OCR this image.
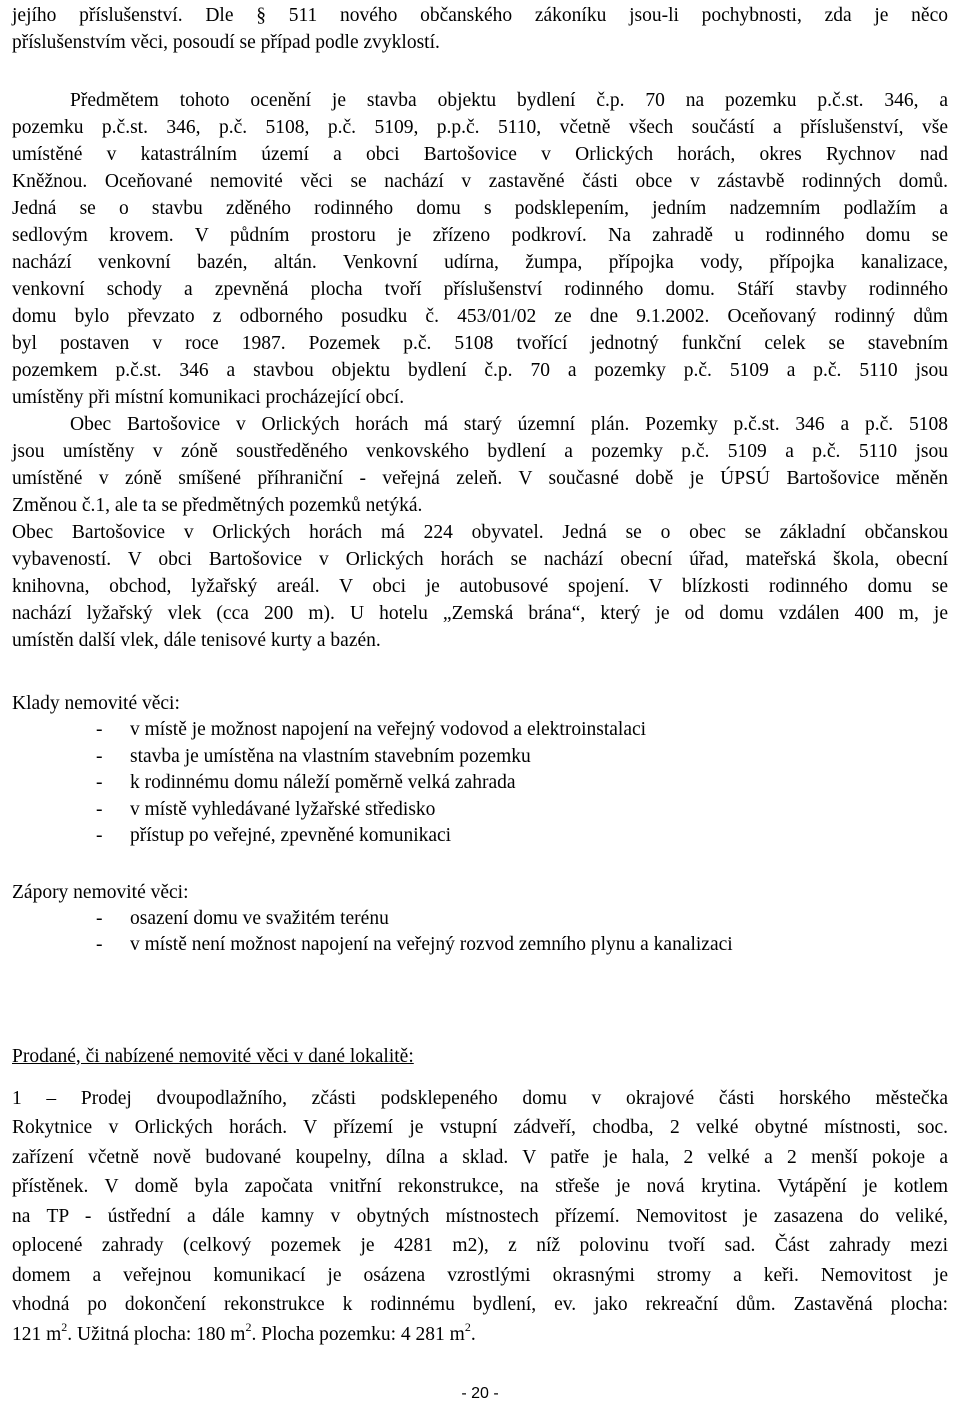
jejího příslušenství. Dle § 511 nového občanského zákoníku jsou-li pochybnosti, zda je něco

příslušenstvím věci, posoudí se případ podle zvyklostí.

Předmětem tohoto ocenění je stavba objektu bydlení č.p. 70 na pozemku p.č.st. 346, a

pozemku p.č.st. 346, p.č. 5108, p.č. 5109, p.p.č. 5110, včetně všech součástí a příslušenství, vše

umístěné v katastrálním území a obci Bartošovice v Orlických horách, okres Rychnov nad

Kněžnou. Oceňované nemovité věci se nachází v zastavěné části obce v zástavbě rodinných domů.

Jedná se o stavbu zděného rodinného domu s podsklepením, jedním nadzemním podlažím a

sedlovým krovem. V půdním prostoru je zřízeno podkroví. Na zahradě u rodinného domu se

nachází venkovní bazén, altán. Venkovní udírna, žumpa, přípojka vody, přípojka kanalizace,

venkovní schody a zpevněná plocha tvoří příslušenství rodinného domu. Stáří stavby rodinného

domu bylo převzato z odborného posudku č. 453/01/02 ze dne 9.1.2002. Oceňovaný rodinný dům

byl postaven v roce 1987. Pozemek p.č. 5108 tvořící jednotný funkční celek se stavebním

pozemkem p.č.st. 346 a stavbou objektu bydlení č.p. 70 a pozemky p.č. 5109 a p.č. 5110 jsou

umístěny při místní komunikaci procházející obcí.

Obec Bartošovice v Orlických horách má starý územní plán. Pozemky p.č.st. 346 a p.č. 5108

jsou umístěny v zóně soustředěného venkovského bydlení a pozemky p.č. 5109 a p.č. 5110 jsou

umístěné v zóně smíšené příhraniční - veřejná zeleň. V současné době je ÚPSÚ Bartošovice měněn

Změnou č.1, ale ta se předmětných pozemků netýká.

Obec Bartošovice v Orlických horách má 224 obyvatel. Jedná se o obec se základní občanskou

vybaveností. V obci Bartošovice v Orlických horách se nachází obecní úřad, mateřská škola, obecní

knihovna, obchod, lyžařský areál. V obci je autobusové spojení. V blízkosti rodinného domu se

nachází lyžařský vlek (cca 200 m). U hotelu „Zemská brána“, který je od domu vzdálen 400 m, je

umístěn další vlek, dále tenisové kurty a bazén.

Klady nemovité věci:

-	v místě je možnost napojení na veřejný vodovod a elektroinstalaci
-	stavba je umístěna na vlastním stavebním pozemku
-	k rodinnému domu náleží poměrně velká zahrada
-	v místě vyhledávané lyžařské středisko
-	přístup po veřejné, zpevněné komunikaci

Zápory nemovité věci:

-	osazení domu ve svažitém terénu
-	v místě není možnost napojení na veřejný rozvod zemního plynu a kanalizaci

Prodané, či nabízené nemovité věci v dané lokalitě:

1 – Prodej dvoupodlažního, zčásti podsklepeného domu v okrajové části horského městečka

Rokytnice v Orlických horách. V přízemí je vstupní zádveří, chodba, 2 velké obytné místnosti, soc.

zařízení včetně nově budované koupelny, dílna a sklad. V patře je hala, 2 velké a 2 menší pokoje a

přístěnek. V domě byla započata vnitřní rekonstrukce, na střeše je nová krytina. Vytápění je kotlem

na TP - ústřední a dále kamny v obytných místnostech přízemí. Nemovitost je zasazena do veliké,

oplocené zahrady (celkový pozemek je 4281 m2), z níž polovinu tvoří sad. Část zahrady mezi

domem a veřejnou komunikací je osázena vzrostlými okrasnými stromy a keři. Nemovitost je

vhodná po dokončení rekonstrukce k rodinnému bydlení, ev. jako rekreační dům. Zastavěná plocha:

121 $m^2$. Užitná plocha: 180 $m^2$. Plocha pozemku: 4 281 $m^2$.

- 20 -
